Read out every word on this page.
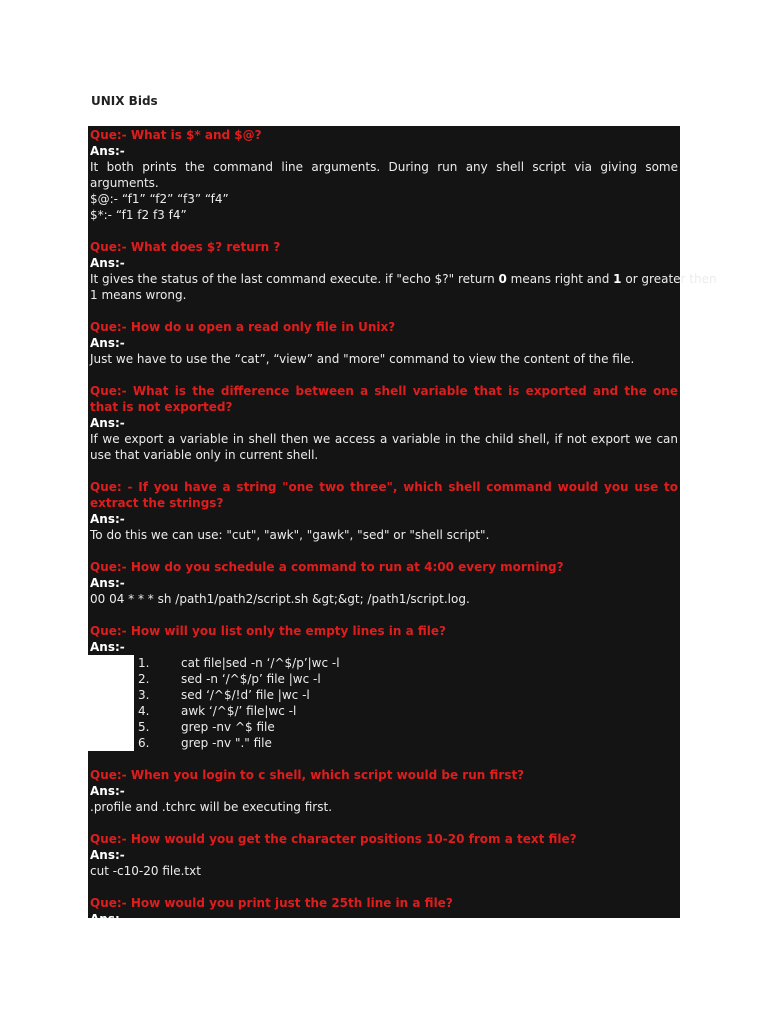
UNIX Bids
Que:- What is $* and $@?
Ans:-
It both prints the command line arguments. During run any shell script via giving some arguments.
$@:- “f1” “f2” “f3” “f4”
$*:- “f1 f2 f3 f4”
Que:- What does $? return ?
Ans:-
It gives the status of the last command execute. if "echo $?" return 0 means right and 1 or greater then
1 means wrong.
Que:- How do u open a read only file in Unix?
Ans:-
Just we have to use the “cat”, “view” and "more" command to view the content of the file.
Que:- What is the difference between a shell variable that is exported and the one that is not exported?
Ans:-
If we export a variable in shell then we access a variable in the child shell, if not export we can use that variable only in current shell.
Que: - If you have a string "one two three", which shell command would you use to extract the strings?
Ans:-
To do this we can use: "cut", "awk", "gawk", "sed" or "shell script".
Que:- How do you schedule a command to run at 4:00 every morning?
Ans:-
00 04 * * * sh /path1/path2/script.sh &gt;&gt; /path1/script.log.
Que:- How will you list only the empty lines in a file?
Ans:-
1.	cat file|sed -n ‘/^$/p’|wc -l
2.	sed -n ‘/^$/p’ file |wc -l
3.	sed ‘/^$/!d’ file |wc -l
4.	awk ‘/^$/’ file|wc -l
5.	grep -nv ^$ file
6.	grep -nv "." file
Que:- When you login to c shell, which script would be run first?
Ans:-
.profile and .tchrc will be executing first.
Que:- How would you get the character positions 10-20 from a text file?
Ans:-
cut -c10-20 file.txt
Que:- How would you print just the 25th line in a file?
Ans:-
Awk ‘NR==25 {print $0}’ file_name
